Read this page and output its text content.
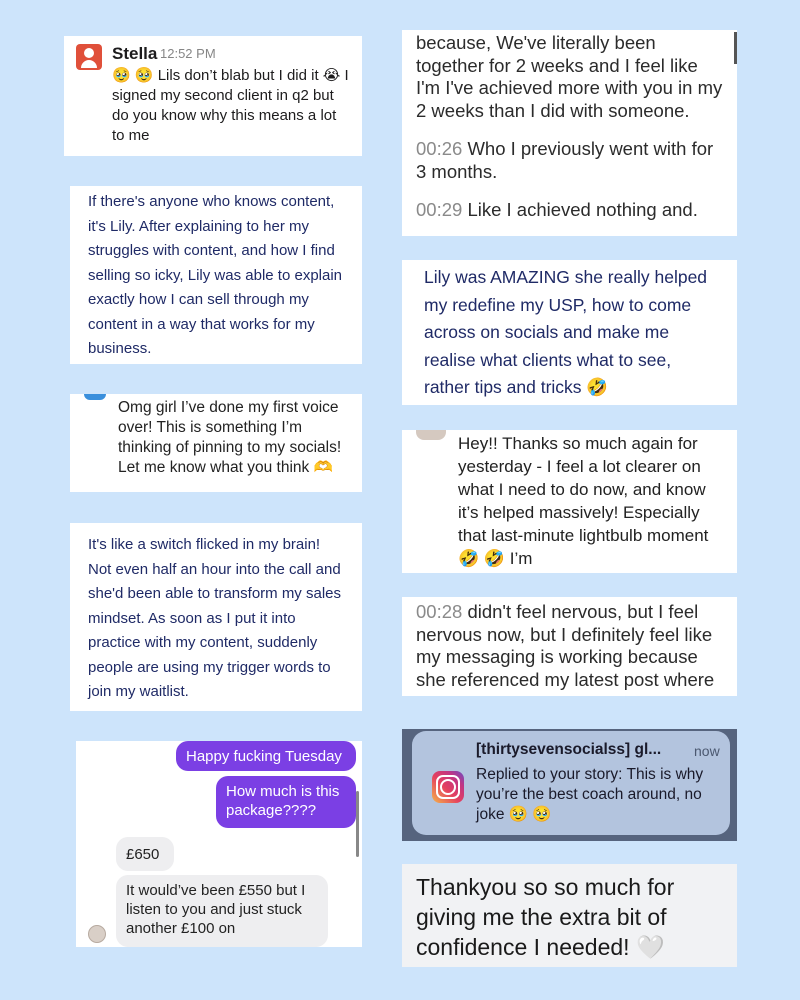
Stella 12:52 PM
🥹 🥹 Lils don’t blab but I did it 😭 I signed my second client in q2 but do you know why this means a lot to me
If there's anyone who knows content, it's Lily. After explaining to her my struggles with content, and how I find selling so icky, Lily was able to explain exactly how I can sell through my content in a way that works for my business.
Omg girl I’ve done my first voice over! This is something I’m thinking of pinning to my socials! Let me know what you think 🫶
It's like a switch flicked in my brain! Not even half an hour into the call and she'd been able to transform my sales mindset. As soon as I put it into practice with my content, suddenly people are using my trigger words to join my waitlist.
Happy fucking Tuesday
How much is this package????
£650
It would’ve been £550 but I listen to you and just stuck another £100 on

because, We've literally been together for 2 weeks and I feel like I'm I've achieved more with you in my 2 weeks than I did with someone.

00:26 Who I previously went with for 3 months.

00:29 Like I achieved nothing and.

Lily was AMAZING she really helped my redefine my USP, how to come across on socials and make me realise what clients what to see, rather tips and tricks 🤣
Hey!! Thanks so much again for yesterday - I feel a lot clearer on what I need to do now, and know it’s helped massively! Especially that last-minute lightbulb moment 🤣 🤣 I’m

00:28 didn't feel nervous, but I feel nervous now, but I definitely feel like my messaging is working because she referenced my latest post where

[thirtysevensocialss] gl... now
Replied to your story: This is why you’re the best coach around, no joke 🥹 🥹
Thankyou so so much for giving me the extra bit of confidence I needed! 🤍
